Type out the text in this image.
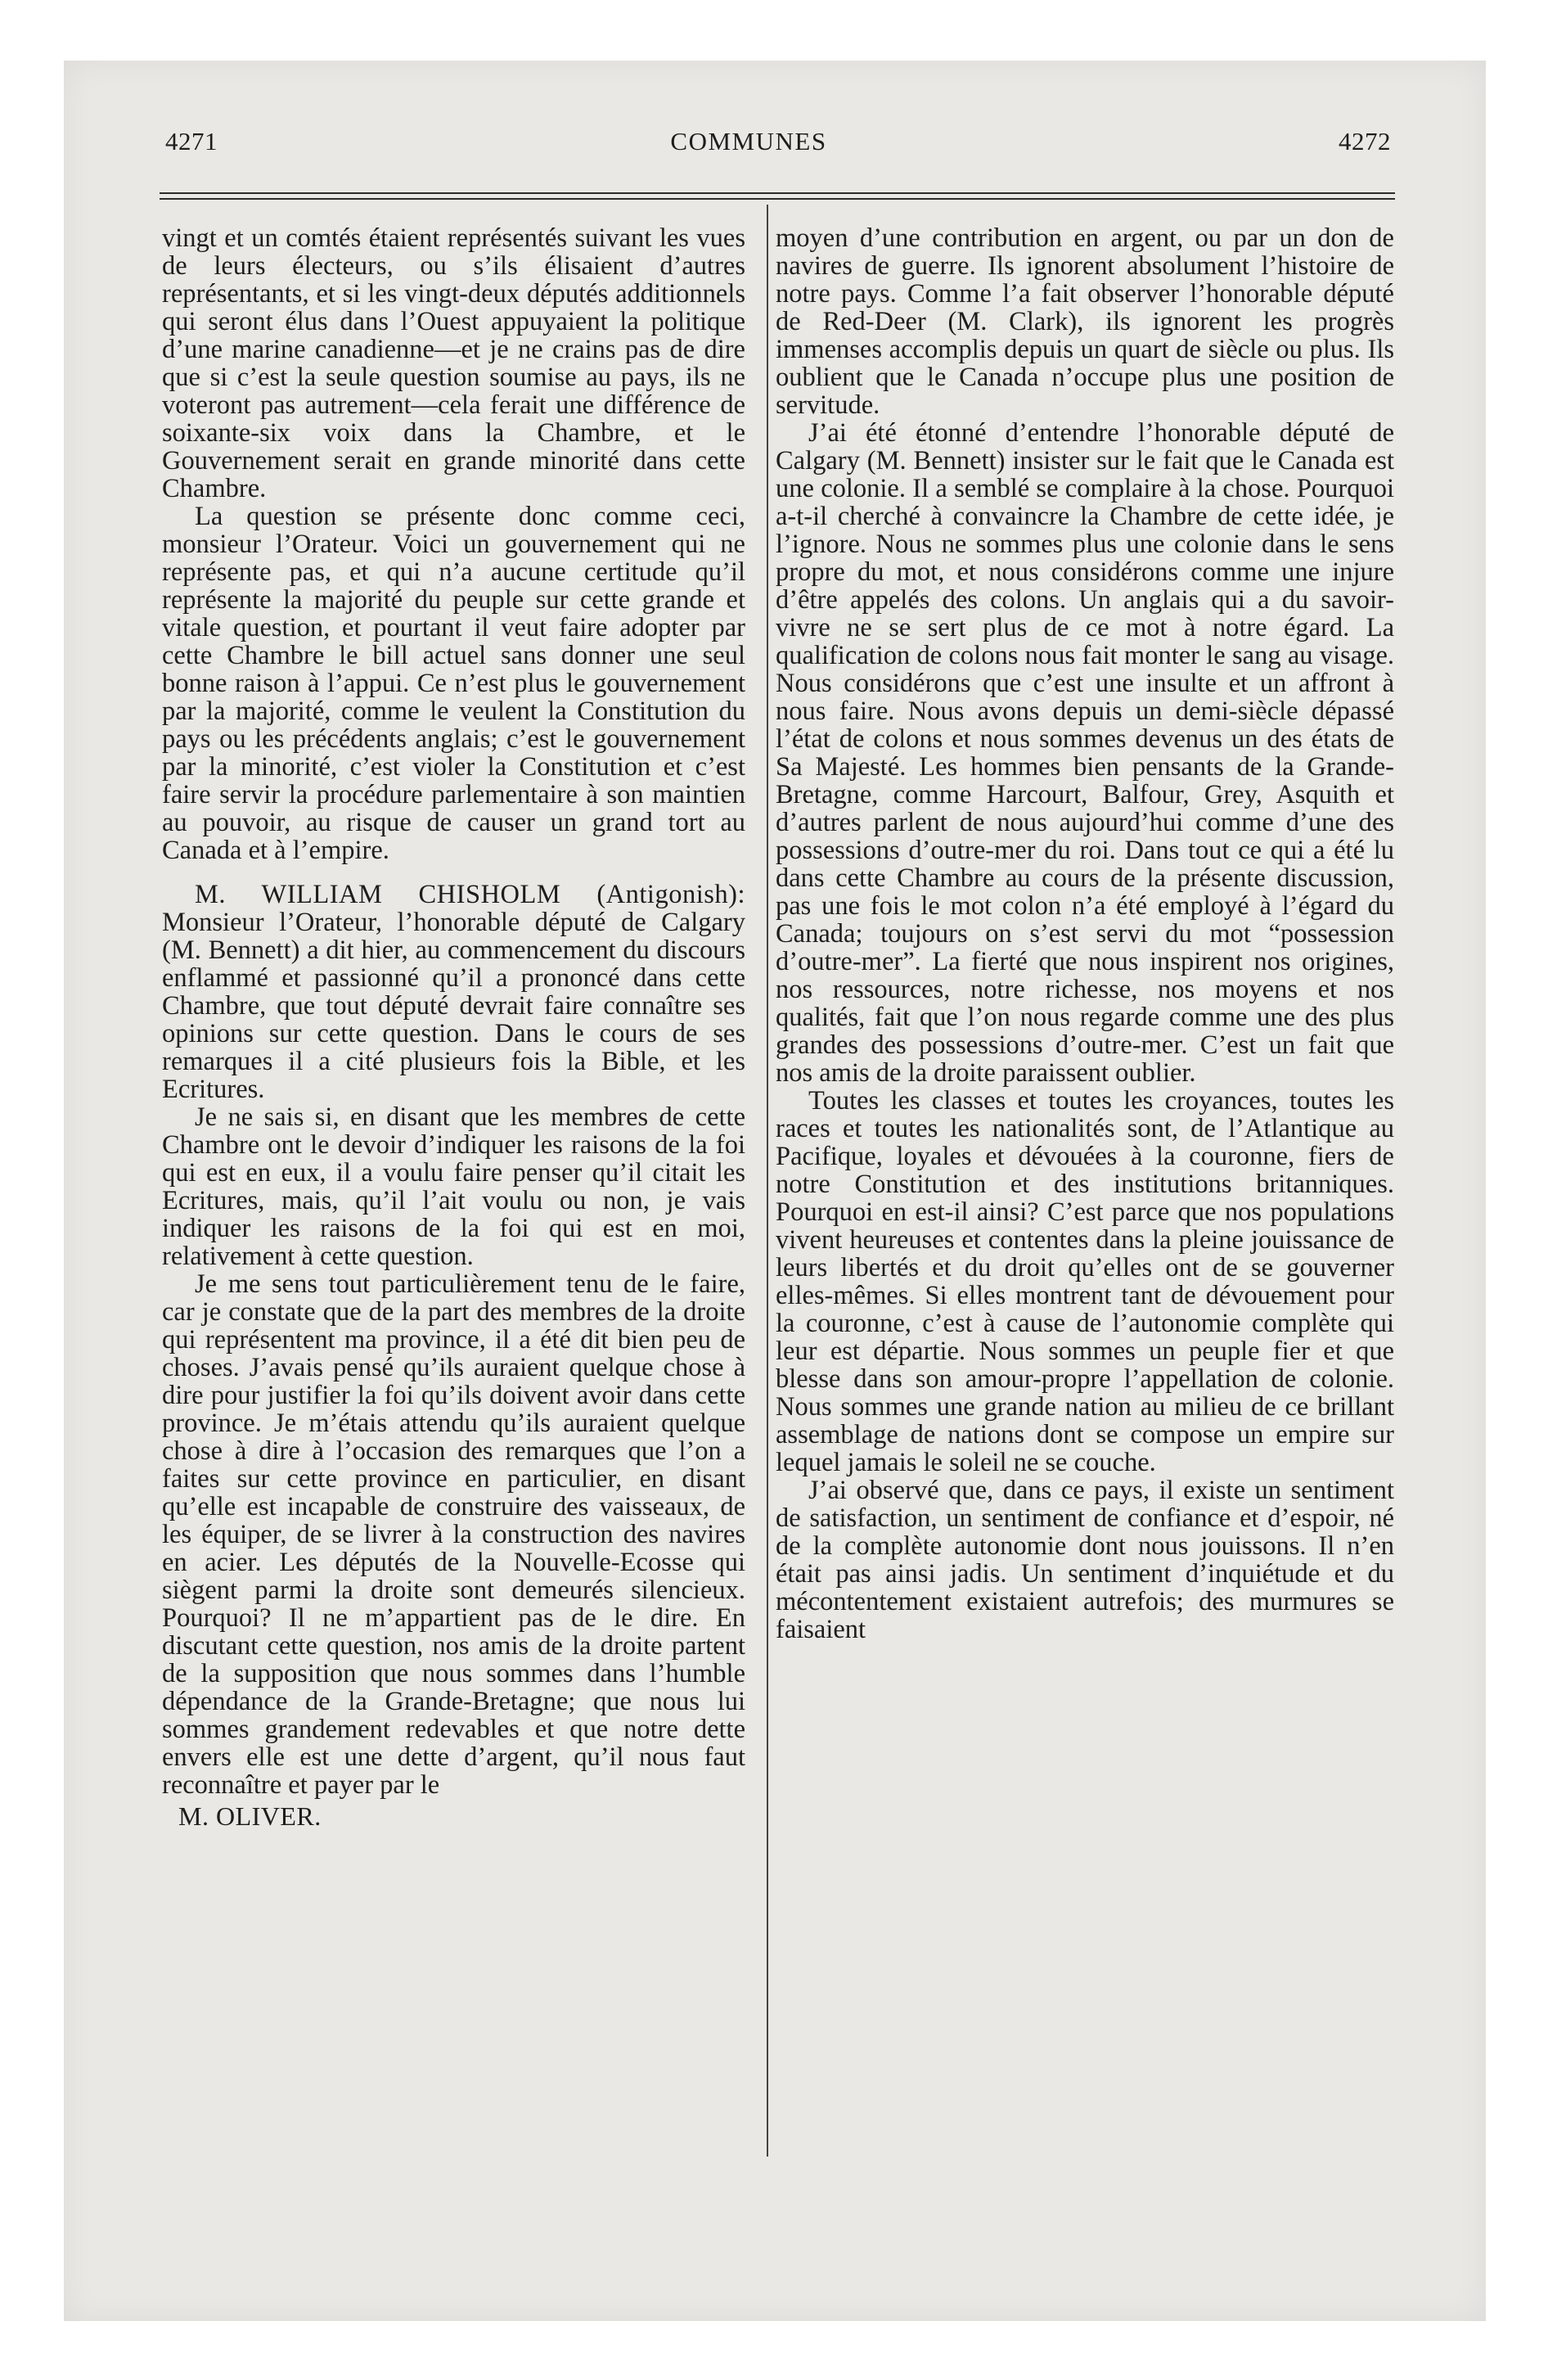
4271	COMMUNES	4272

vingt et un comtés étaient représentés suivant les vues de leurs électeurs, ou s’ils élisaient d’autres représentants, et si les vingt-deux députés additionnels qui seront élus dans l’Ouest appuyaient la politique d’une marine canadienne—et je ne crains pas de dire que si c’est la seule question soumise au pays, ils ne voteront pas autrement—cela ferait une différence de soixante-six voix dans la Chambre, et le Gouvernement serait en grande minorité dans cette Chambre.

La question se présente donc comme ceci, monsieur l’Orateur. Voici un gouvernement qui ne représente pas, et qui n’a aucune certitude qu’il représente la majorité du peuple sur cette grande et vitale question, et pourtant il veut faire adopter par cette Chambre le bill actuel sans donner une seul bonne raison à l’appui. Ce n’est plus le gouvernement par la majorité, comme le veulent la Constitution du pays ou les précédents anglais; c’est le gouvernement par la minorité, c’est violer la Constitution et c’est faire servir la procédure parlementaire à son maintien au pouvoir, au risque de causer un grand tort au Canada et à l’empire.

M. WILLIAM CHISHOLM (Antigonish): Monsieur l’Orateur, l’honorable député de Calgary (M. Bennett) a dit hier, au commencement du discours enflammé et passionné qu’il a prononcé dans cette Chambre, que tout député devrait faire connaître ses opinions sur cette question. Dans le cours de ses remarques il a cité plusieurs fois la Bible, et les Ecritures.

Je ne sais si, en disant que les membres de cette Chambre ont le devoir d’indiquer les raisons de la foi qui est en eux, il a voulu faire penser qu’il citait les Ecritures, mais, qu’il l’ait voulu ou non, je vais indiquer les raisons de la foi qui est en moi, relativement à cette question.

Je me sens tout particulièrement tenu de le faire, car je constate que de la part des membres de la droite qui représentent ma province, il a été dit bien peu de choses. J’avais pensé qu’ils auraient quelque chose à dire pour justifier la foi qu’ils doivent avoir dans cette province. Je m’étais attendu qu’ils auraient quelque chose à dire à l’occasion des remarques que l’on a faites sur cette province en particulier, en disant qu’elle est incapable de construire des vaisseaux, de les équiper, de se livrer à la construction des navires en acier. Les députés de la Nouvelle-Ecosse qui siègent parmi la droite sont demeurés silencieux. Pourquoi? Il ne m’appartient pas de le dire. En discutant cette question, nos amis de la droite partent de la supposition que nous sommes dans l’humble dépendance de la Grande-Bretagne; que nous lui sommes grandement redevables et que notre dette envers elle est une dette d’argent, qu’il nous faut reconnaître et payer par le

M. OLIVER.

moyen d’une contribution en argent, ou par un don de navires de guerre. Ils ignorent absolument l’histoire de notre pays. Comme l’a fait observer l’honorable député de Red-Deer (M. Clark), ils ignorent les progrès immenses accomplis depuis un quart de siècle ou plus. Ils oublient que le Canada n’occupe plus une position de servitude.

J’ai été étonné d’entendre l’honorable député de Calgary (M. Bennett) insister sur le fait que le Canada est une colonie. Il a semblé se complaire à la chose. Pourquoi a-t-il cherché à convaincre la Chambre de cette idée, je l’ignore. Nous ne sommes plus une colonie dans le sens propre du mot, et nous considérons comme une injure d’être appelés des colons. Un anglais qui a du savoir-vivre ne se sert plus de ce mot à notre égard. La qualification de colons nous fait monter le sang au visage. Nous considérons que c’est une insulte et un affront à nous faire. Nous avons depuis un demi-siècle dépassé l’état de colons et nous sommes devenus un des états de Sa Majesté. Les hommes bien pensants de la Grande-Bretagne, comme Harcourt, Balfour, Grey, Asquith et d’autres parlent de nous aujourd’hui comme d’une des possessions d’outre-mer du roi. Dans tout ce qui a été lu dans cette Chambre au cours de la présente discussion, pas une fois le mot colon n’a été employé à l’égard du Canada; toujours on s’est servi du mot “possession d’outre-mer”. La fierté que nous inspirent nos origines, nos ressources, notre richesse, nos moyens et nos qualités, fait que l’on nous regarde comme une des plus grandes des possessions d’outre-mer. C’est un fait que nos amis de la droite paraissent oublier.

Toutes les classes et toutes les croyances, toutes les races et toutes les nationalités sont, de l’Atlantique au Pacifique, loyales et dévouées à la couronne, fiers de notre Constitution et des institutions britanniques. Pourquoi en est-il ainsi? C’est parce que nos populations vivent heureuses et contentes dans la pleine jouissance de leurs libertés et du droit qu’elles ont de se gouverner elles-mêmes. Si elles montrent tant de dévouement pour la couronne, c’est à cause de l’autonomie complète qui leur est départie. Nous sommes un peuple fier et que blesse dans son amour-propre l’appellation de colonie. Nous sommes une grande nation au milieu de ce brillant assemblage de nations dont se compose un empire sur lequel jamais le soleil ne se couche.

J’ai observé que, dans ce pays, il existe un sentiment de satisfaction, un sentiment de confiance et d’espoir, né de la complète autonomie dont nous jouissons. Il n’en était pas ainsi jadis. Un sentiment d’inquiétude et du mécontentement existaient autrefois; des murmures se faisaient
